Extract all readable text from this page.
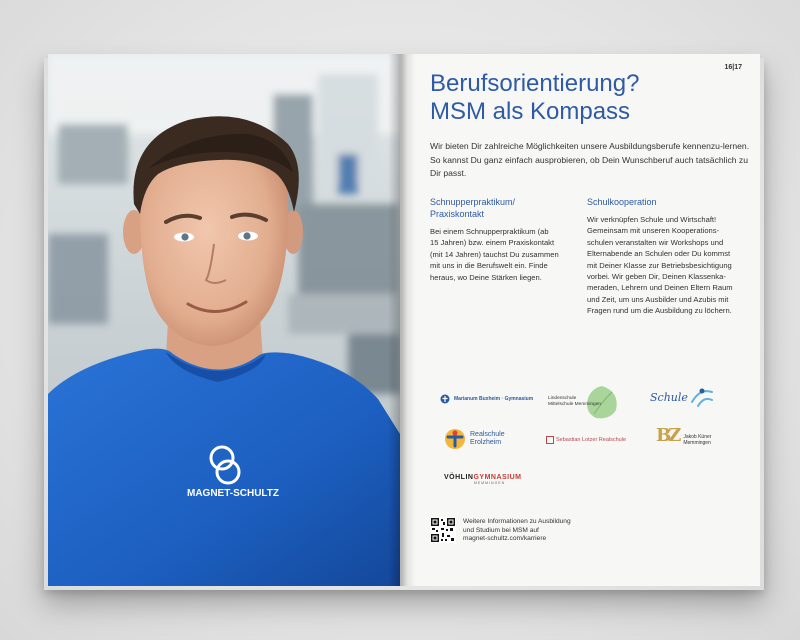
MAGNET-SCHULTZ
16|17
Berufsorientierung?
MSM als Kompass
Wir bieten Dir zahlreiche Möglichkeiten unsere Ausbildungsberufe kennenzu-lernen. So kannst Du ganz einfach ausprobieren, ob Dein Wunschberuf auch tatsächlich zu Dir passt.
Schnupperpraktikum/
Praxiskontakt

Bei einem Schnupperpraktikum (ab
15 Jahren) bzw. einem Praxiskontakt
(mit 14 Jahren) tauchst Du zusammen
mit uns in die Berufswelt ein. Finde
heraus, wo Deine Stärken liegen.

Schulkooperation

Wir verknüpfen Schule und Wirtschaft!
Gemeinsam mit unseren Kooperations-
schulen veranstalten wir Workshops und
Elternabende an Schulen oder Du kommst
mit Deiner Klasse zur Betriebsbesichtigung
vorbei. Wir geben Dir, Deinen Klassenka-
meraden, Lehrern und Deinen Eltern Raum
und Zeit, um uns Ausbilder und Azubis mit
Fragen rund um die Ausbildung zu löchern.

Marianum Buxheim · Gymnasium	Lindenschule
Mittelschule Memmingen
Schule
Realschule
Erolzheim	Sebastian Lotzer Realschule BZ Jakob Küner
Memmingen
VÖHLINGYMNASIUM
MEMMINGEN
Weitere Informationen zu Ausbildung
und Studium bei MSM auf
magnet-schultz.com/karriere
